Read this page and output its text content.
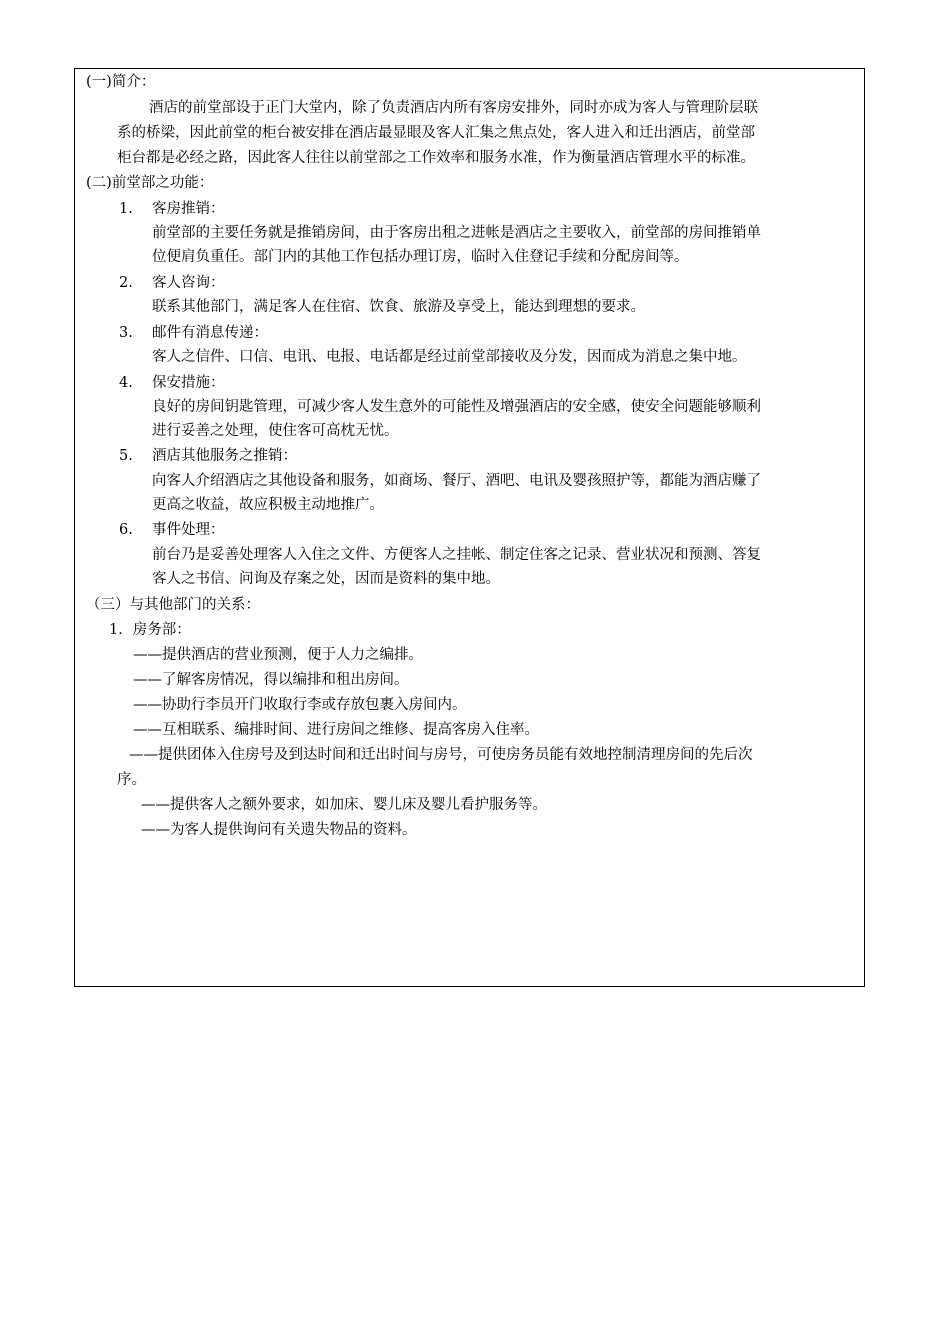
(一)简介：
酒店的前堂部设于正门大堂内，除了负责酒店内所有客房安排外，同时亦成为客人与管理阶层联
系的桥梁，因此前堂的柜台被安排在酒店最显眼及客人汇集之焦点处，客人进入和迁出酒店，前堂部
柜台都是必经之路，因此客人往往以前堂部之工作效率和服务水准，作为衡量酒店管理水平的标准。
(二)前堂部之功能：
1. 客房推销：
前堂部的主要任务就是推销房间，由于客房出租之进帐是酒店之主要收入，前堂部的房间推销单
位便肩负重任。部门内的其他工作包括办理订房，临时入住登记手续和分配房间等。
2. 客人咨询：
联系其他部门，满足客人在住宿、饮食、旅游及享受上，能达到理想的要求。
3. 邮件有消息传递：
客人之信件、口信、电讯、电报、电话都是经过前堂部接收及分发，因而成为消息之集中地。
4. 保安措施：
良好的房间钥匙管理，可减少客人发生意外的可能性及增强酒店的安全感，使安全问题能够顺利
进行妥善之处理，使住客可高枕无忧。
5. 酒店其他服务之推销：
向客人介绍酒店之其他设备和服务，如商场、餐厅、酒吧、电讯及婴孩照护等，都能为酒店赚了
更高之收益，故应积极主动地推广。
6. 事件处理：
前台乃是妥善处理客人入住之文件、方便客人之挂帐、制定住客之记录、营业状况和预测、答复
客人之书信、问询及存案之处，因而是资料的集中地。
（三）与其他部门的关系：
1．房务部：
——提供酒店的营业预测，便于人力之编排。
——了解客房情况，得以编排和租出房间。
——协助行李员开门收取行李或存放包裹入房间内。
——互相联系、编排时间、进行房间之维修、提高客房入住率。
——提供团体入住房号及到达时间和迁出时间与房号，可使房务员能有效地控制清理房间的先后次
序。
——提供客人之额外要求，如加床、婴儿床及婴儿看护服务等。
——为客人提供询问有关遗失物品的资料。
